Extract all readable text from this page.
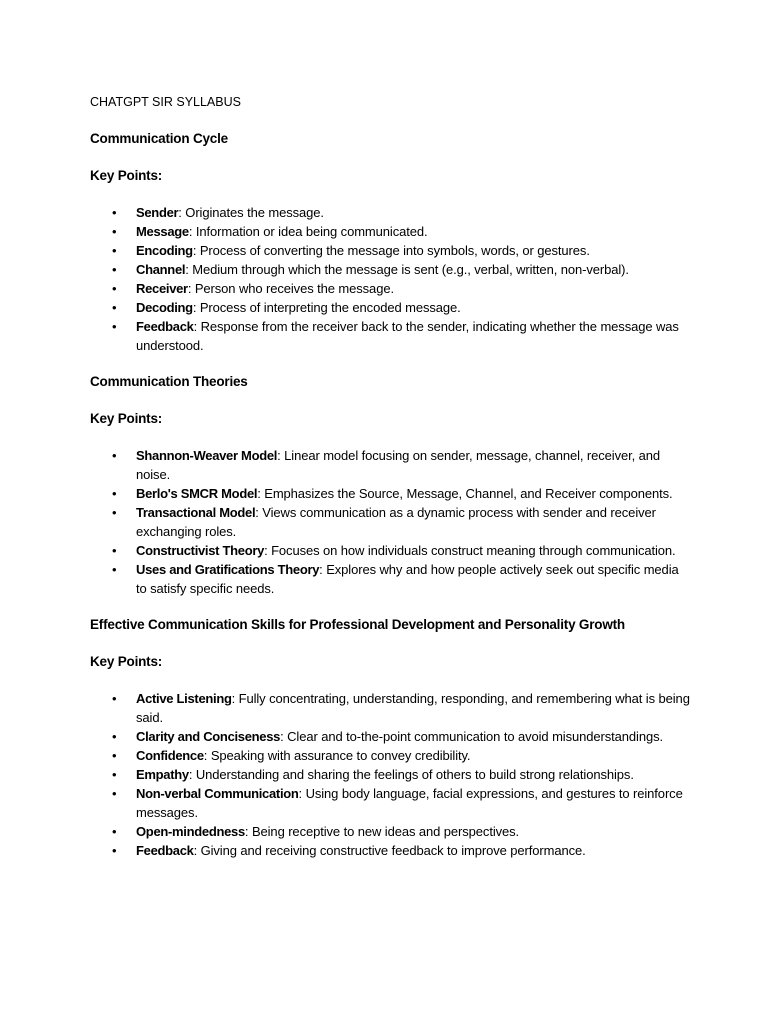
CHATGPT SIR SYLLABUS
Communication Cycle
Key Points:
• Sender: Originates the message.
• Message: Information or idea being communicated.
• Encoding: Process of converting the message into symbols, words, or gestures.
• Channel: Medium through which the message is sent (e.g., verbal, written, non-verbal).
• Receiver: Person who receives the message.
• Decoding: Process of interpreting the encoded message.
• Feedback: Response from the receiver back to the sender, indicating whether the message was understood.
Communication Theories
Key Points:
• Shannon-Weaver Model: Linear model focusing on sender, message, channel, receiver, and noise.
• Berlo's SMCR Model: Emphasizes the Source, Message, Channel, and Receiver components.
• Transactional Model: Views communication as a dynamic process with sender and receiver exchanging roles.
• Constructivist Theory: Focuses on how individuals construct meaning through communication.
• Uses and Gratifications Theory: Explores why and how people actively seek out specific media to satisfy specific needs.
Effective Communication Skills for Professional Development and Personality Growth
Key Points:
• Active Listening: Fully concentrating, understanding, responding, and remembering what is being said.
• Clarity and Conciseness: Clear and to-the-point communication to avoid misunderstandings.
• Confidence: Speaking with assurance to convey credibility.
• Empathy: Understanding and sharing the feelings of others to build strong relationships.
• Non-verbal Communication: Using body language, facial expressions, and gestures to reinforce messages.
• Open-mindedness: Being receptive to new ideas and perspectives.
• Feedback: Giving and receiving constructive feedback to improve performance.
